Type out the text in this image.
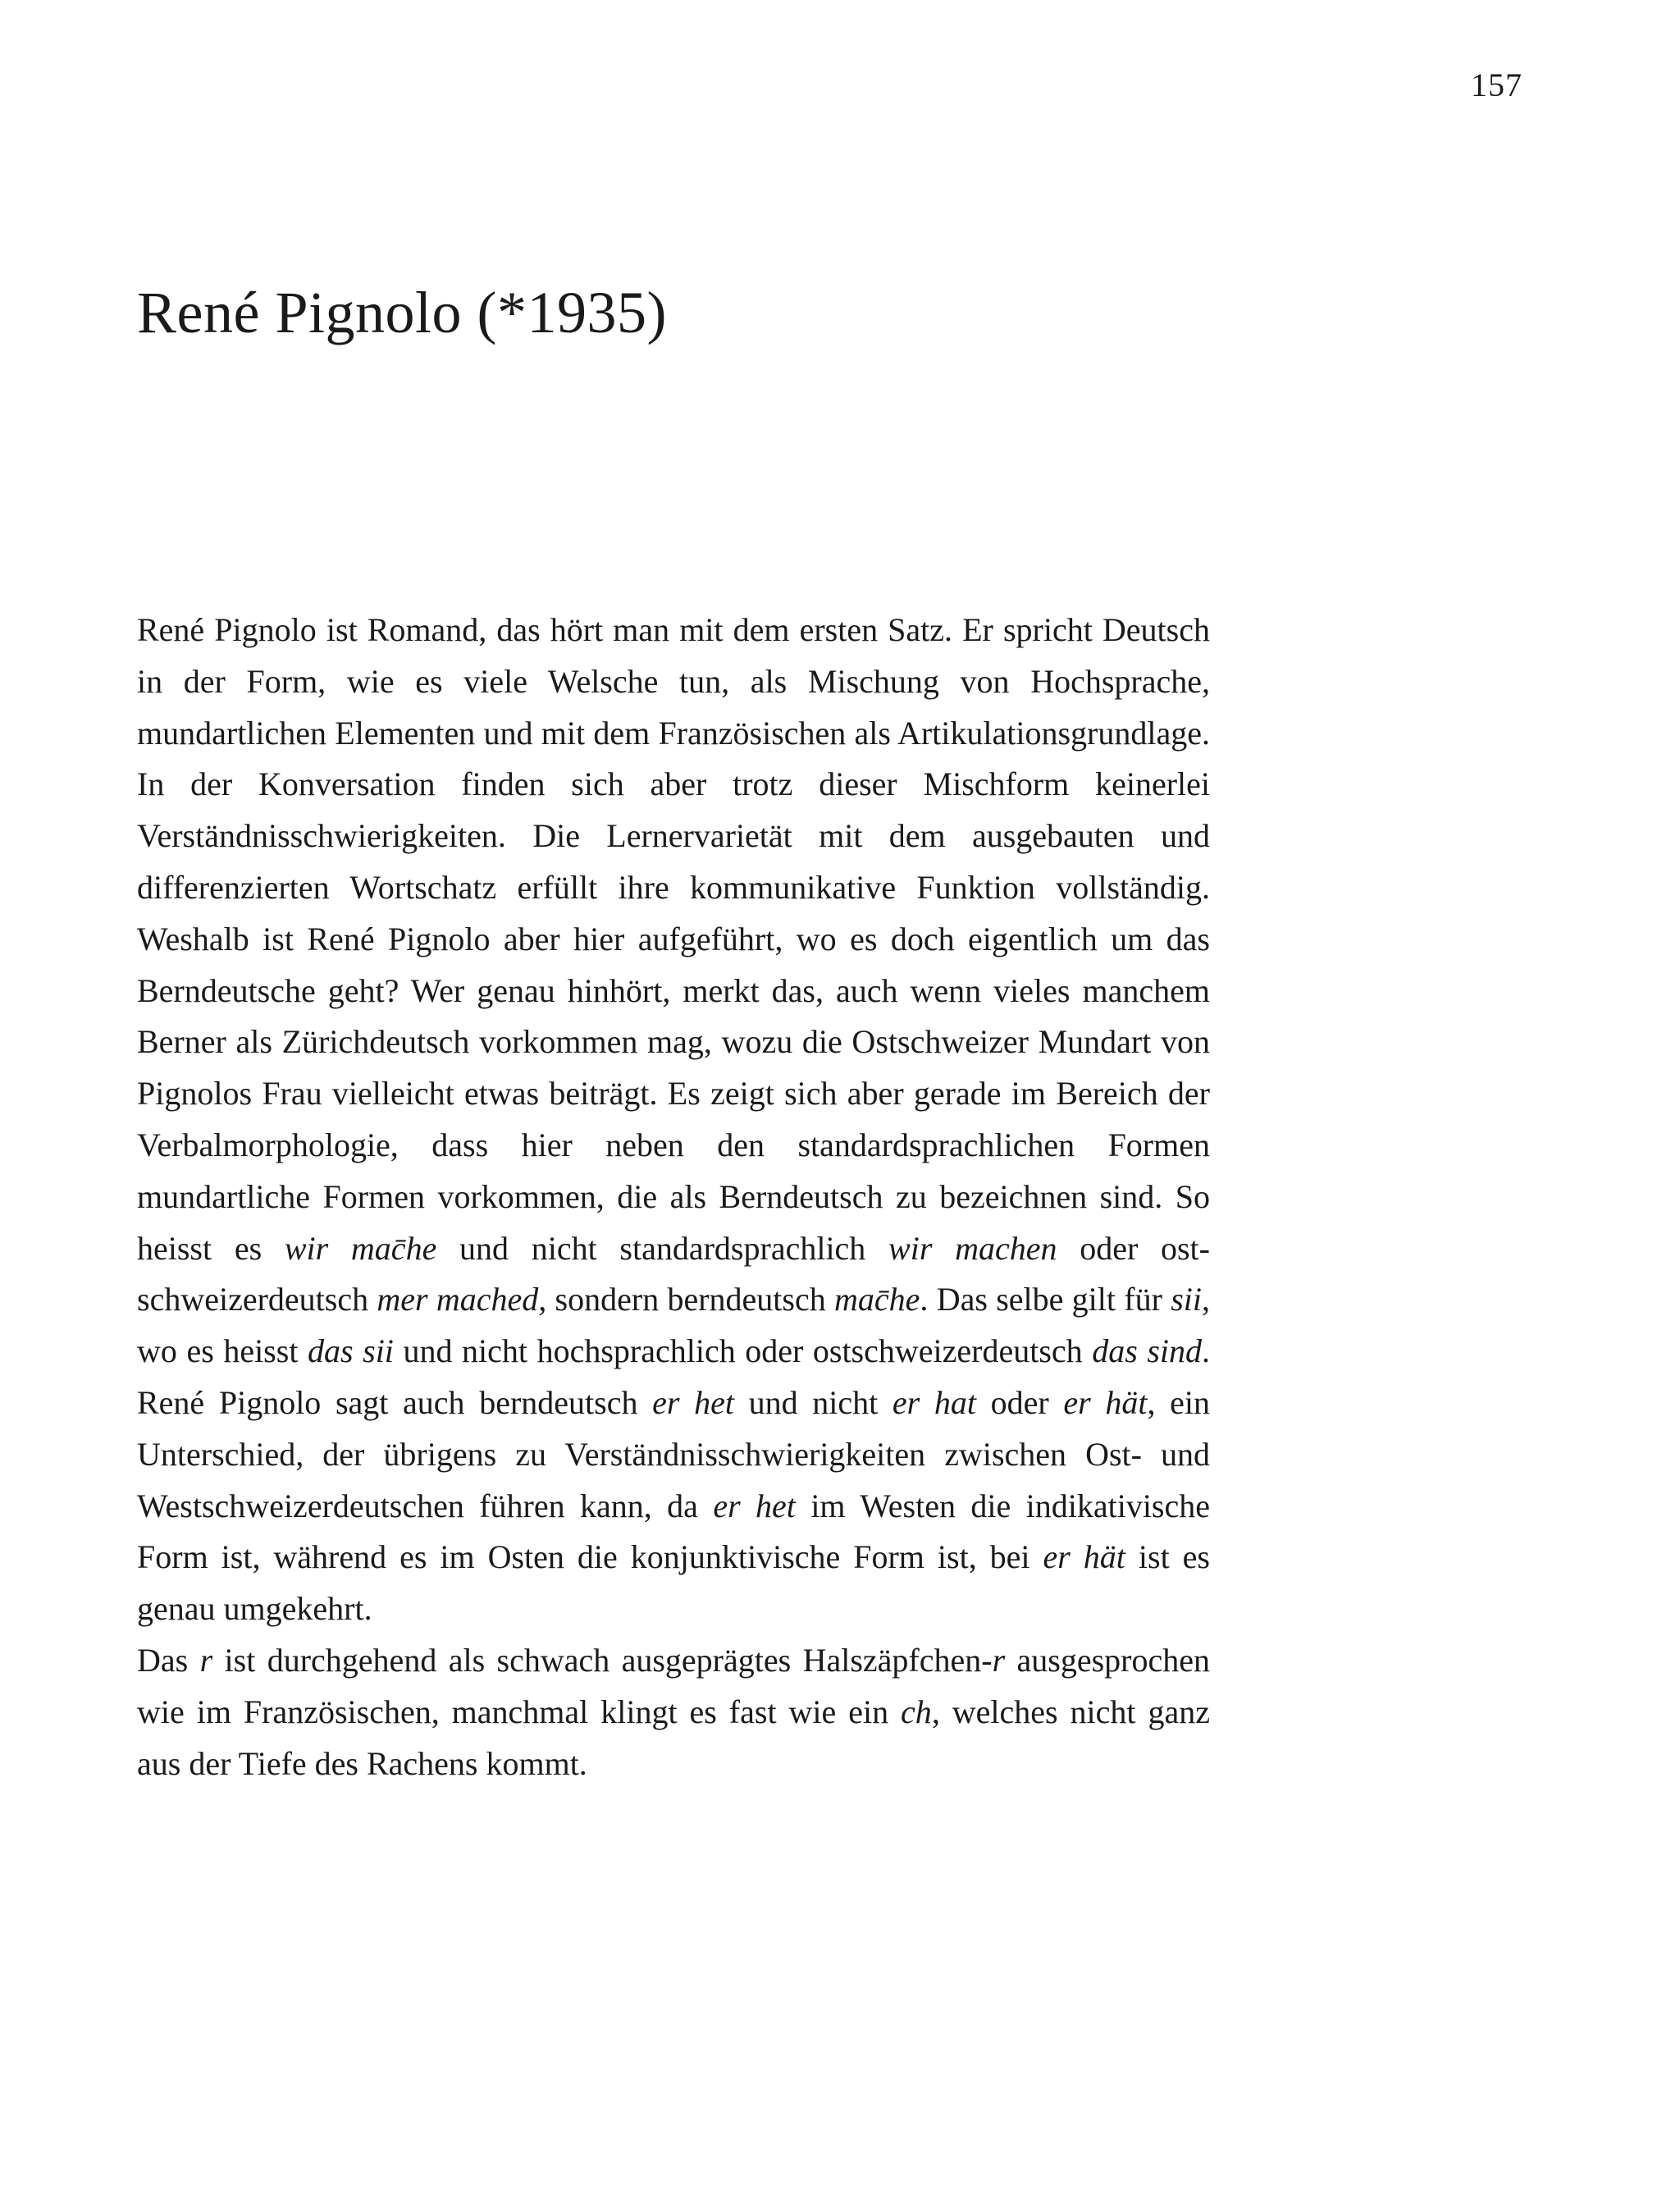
157
René Pignolo (*1935)

René Pignolo ist Romand, das hört man mit dem ersten Satz. Er spricht Deutsch in der Form, wie es viele Welsche tun, als Mischung von Hochsprache, mundartlichen Elementen und mit dem Französischen als Artikulationsgrundlage. In der Konversation finden sich aber trotz dieser Mischform keinerlei Verständnisschwierigkeiten. Die Lernervarietät mit dem ausgebauten und differenzierten Wortschatz erfüllt ihre kommunikative Funktion vollständig. Weshalb ist René Pignolo aber hier aufgeführt, wo es doch eigentlich um das Berndeutsche geht? Wer genau hinhört, merkt das, auch wenn vieles manchem Berner als Zürichdeutsch vorkommen mag, wozu die Ostschweizer Mundart von Pignolos Frau vielleicht etwas beiträgt. Es zeigt sich aber gerade im Bereich der Verbalmorphologie, dass hier neben den standardsprachlichen Formen mundartliche Formen vorkommen, die als Berndeutsch zu bezeichnen sind. So heisst es wir mac̄he und nicht standardsprachlich wir machen oder ostschweizerdeutsch mer mached, sondern berndeutsch mac̄he. Das selbe gilt für sii, wo es heisst das sii und nicht hochsprachlich oder ostschweizerdeutsch das sind. René Pignolo sagt auch berndeutsch er het und nicht er hat oder er hät, ein Unterschied, der übrigens zu Verständnisschwierigkeiten zwischen Ost- und Westschweizerdeutschen führen kann, da er het im Westen die indikativische Form ist, während es im Osten die konjunktivische Form ist, bei er hät ist es genau umgekehrt.

Das r ist durchgehend als schwach ausgeprägtes Halszäpfchen-r ausgesprochen wie im Französischen, manchmal klingt es fast wie ein ch, welches nicht ganz aus der Tiefe des Rachens kommt.
